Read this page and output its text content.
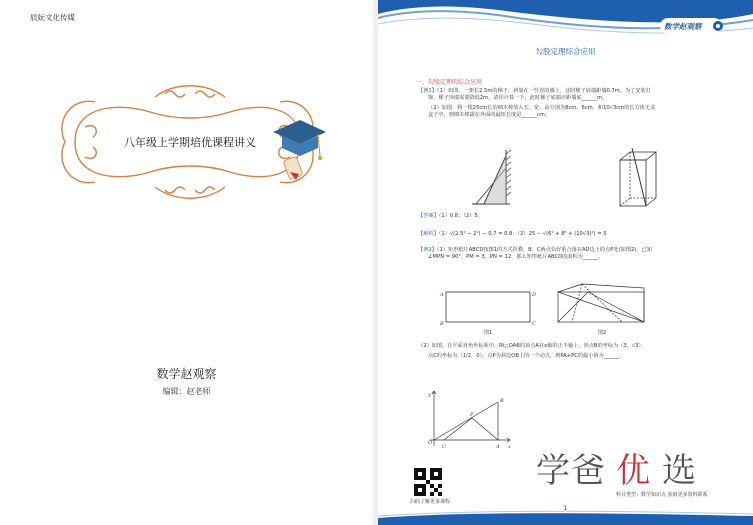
辰妧文化传媒
八年级上学期培优课程讲义
数学赵观察
编辑：赵老师
数学赵观察
勾股定理综合应用
一、勾股定理的综合应用
【例1】（1）如图，一架长2.5m的梯子，斜靠在一竖直的墙上，这时梯子底端距墙0.7m。为了安装灯
饰，梯子顶端需要降低2m，请你计算一下，此时梯子底端应距墙底______m。
（2）如图，将一根25cm长的细木棒放入长、宽、高分别为8cm、6cm、和10√3cm的长方体无盖
盒子中，则细木棒露在外面的最短长度是______cm。
【答案】（1）0.8；（2）5。
【解析】（1）√(2.5² − 2²) − 0.7 = 0.8；（2）25 − √(6² + 8² + (10√3)²) = 5
【例2】（1）矩形纸片ABCD按图1的方式折叠，B、C两点恰好重合落在AD边上的点P处(如图2)，已知
∠MPN = 90°，PM = 3，PN = 12，那么矩形纸片ABCD的面积为______。
A	D
B	C
图1	图2
（2）如图，在平面直角坐标系中，Rt△OAB的顶点A在x轴的正半轴上，顶点B的坐标为（3，√3），
点C的坐标为（1/2，0），点P为斜边OB上的一个动点，则PA+PC的最小值为______。
O
C
P
B
A x
y
学爸 优 选
扫码了解更多课程
科目类型：数学知识点 获取更多资料联系
1
